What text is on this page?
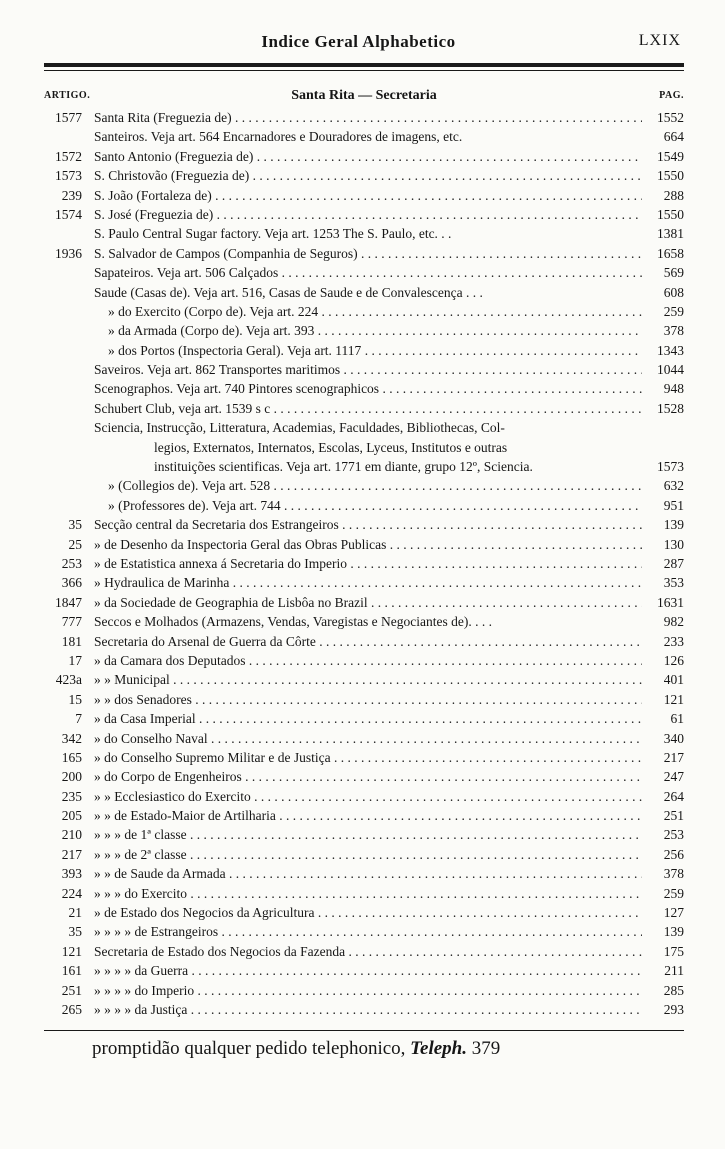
Indice Geral Alphabetico	LXIX
ARTIGO.	Santa Rita — Secretaria	PAG.
1577 Santa Rita (Freguezia de) . . .	1552
Santeiros. Veja art. 564 Encarnadores e Douradores de imagens, etc.	664
1572 Santo Antonio (Freguezia de) . . .	1549
1573 S. Christovão (Freguezia de) . . .	1550
239 S. João (Fortaleza de) . . .	288
1574 S. José (Freguezia de) . . .	1550
S. Paulo Central Sugar factory. Veja art. 1253 The S. Paulo, etc. . .	1381
1936 S. Salvador de Campos (Companhia de Seguros) . . .	1658
Sapateiros. Veja art. 506 Calçados . . .	569
Saude (Casas de). Veja art. 516, Casas de Saude e de Convalescença . . .	608
» do Exercito (Corpo de). Veja art. 224 . . .	259
» da Armada (Corpo de). Veja art. 393 . . .	378
» dos Portos (Inspectoria Geral). Veja art. 1117 . . .	1343
Saveiros. Veja art. 862 Transportes maritimos . . .	1044
Scenographos. Veja art. 740 Pintores scenographicos . . .	948
Schubert Club, veja art. 1539 s c . . .	1528
Sciencia, Instrucção, Litteratura, Academias, Faculdades, Bibliothecas, Col-
legios, Externatos, Internatos, Escolas, Lyceus, Institutos e outras
instituições scientificas. Veja art. 1771 em diante, grupo 12º, Sciencia.	1573
» (Collegios de). Veja art. 528 . . .	632
» (Professores de). Veja art. 744 . . .	951
35 Secção central da Secretaria dos Estrangeiros . . .	139
25 » de Desenho da Inspectoria Geral das Obras Publicas . . .	130
253 » de Estatistica annexa á Secretaria do Imperio . . .	287
366 » Hydraulica de Marinha . . .	353
1847 » da Sociedade de Geographia de Lisbôa no Brazil . . .	1631
777 Seccos e Molhados (Armazens, Vendas, Varegistas e Negociantes de). . . .	982
181 Secretaria do Arsenal de Guerra da Côrte . . .	233
17 » da Camara dos Deputados . . .	126
423a » » Municipal . . .	401
15 » » dos Senadores . . .	121
7 » da Casa Imperial . . .	61
342 » do Conselho Naval . . .	340
165 » do Conselho Supremo Militar e de Justiça . . .	217
200 » do Corpo de Engenheiros . . .	247
235 » » Ecclesiastico do Exercito . . .	264
205 » » de Estado-Maior de Artilharia . . .	251
210 » » » de 1ª classe . . .	253
217 » » » de 2ª classe . . .	256
393 » » de Saude da Armada . . .	378
224 » » » do Exercito . . .	259
21 » de Estado dos Negocios da Agricultura . . .	127
35 » » » » de Estrangeiros . . .	139
121 Secretaria de Estado dos Negocios da Fazenda . . .	175
161 » » » » da Guerra . . .	211
251 » » » » do Imperio . . .	285
265 » » » » da Justiça . . .	293
promptidão qualquer pedido telephonico, Teleph. 379
